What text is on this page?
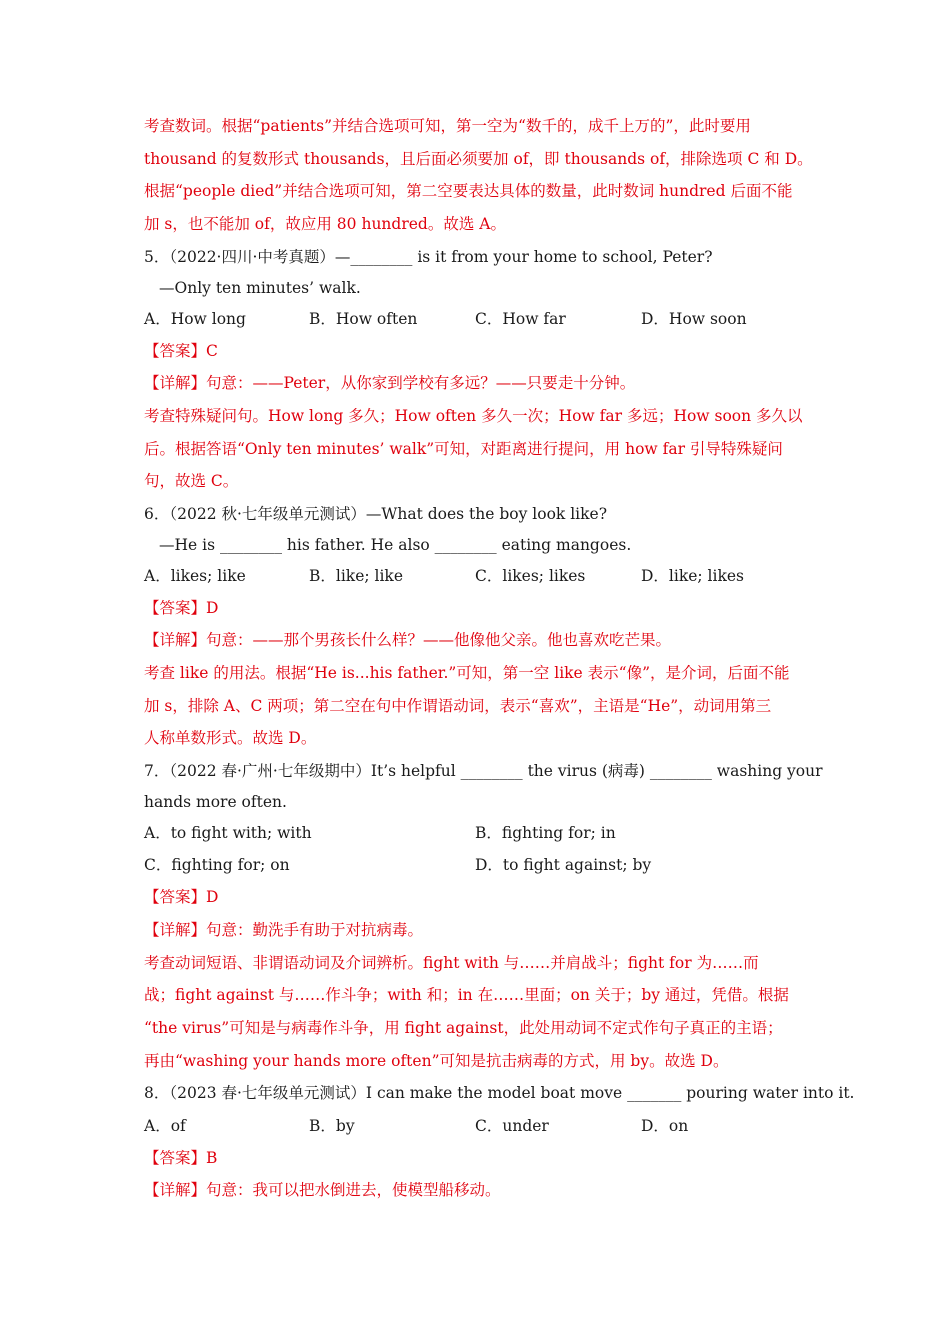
考查数词。根据“patients”并结合选项可知，第一空为“数千的，成千上万的”，此时要用
thousand 的复数形式 thousands，且后面必须要加 of，即 thousands of，排除选项 C 和 D。
根据“people died”并结合选项可知，第二空要表达具体的数量，此时数词 hundred 后面不能
加 s，也不能加 of，故应用 80 hundred。故选 A。
5．（2022·四川·中考真题）—________ is it from your home to school, Peter?
—Only ten minutes’ walk.
A．How long	B．How often	C．How far	D．How soon
【答案】C
【详解】句意：——Peter，从你家到学校有多远？——只要走十分钟。
考查特殊疑问句。How long 多久；How often 多久一次；How far 多远；How soon 多久以
后。根据答语“Only ten minutes’ walk”可知，对距离进行提问，用 how far 引导特殊疑问
句，故选 C。
6．（2022 秋·七年级单元测试）—What does the boy look like?
—He is ________ his father. He also ________ eating mangoes.
A．likes; like	B．like; like	C．likes; likes	D．like; likes
【答案】D
【详解】句意：——那个男孩长什么样？——他像他父亲。他也喜欢吃芒果。
考查 like 的用法。根据“He is...his father.”可知，第一空 like 表示“像”，是介词，后面不能
加 s，排除 A、C 两项；第二空在句中作谓语动词，表示“喜欢”，主语是“He”，动词用第三
人称单数形式。故选 D。
7．（2022 春·广州·七年级期中）It’s helpful ________ the virus (病毒) ________ washing your
hands more often.
A．to fight with; with	B．fighting for; in
C．fighting for; on	D．to fight against; by
【答案】D
【详解】句意：勤洗手有助于对抗病毒。
考查动词短语、非谓语动词及介词辨析。fight with 与……并肩战斗；fight for 为……而
战；fight against 与……作斗争；with 和；in 在……里面；on 关于；by 通过，凭借。根据
“the virus”可知是与病毒作斗争，用 fight against，此处用动词不定式作句子真正的主语；
再由“washing your hands more often”可知是抗击病毒的方式，用 by。故选 D。
8．（2023 春·七年级单元测试）I can make the model boat move _______ pouring water into it.
A．of	B．by	C．under	D．on
【答案】B
【详解】句意：我可以把水倒进去，使模型船移动。
